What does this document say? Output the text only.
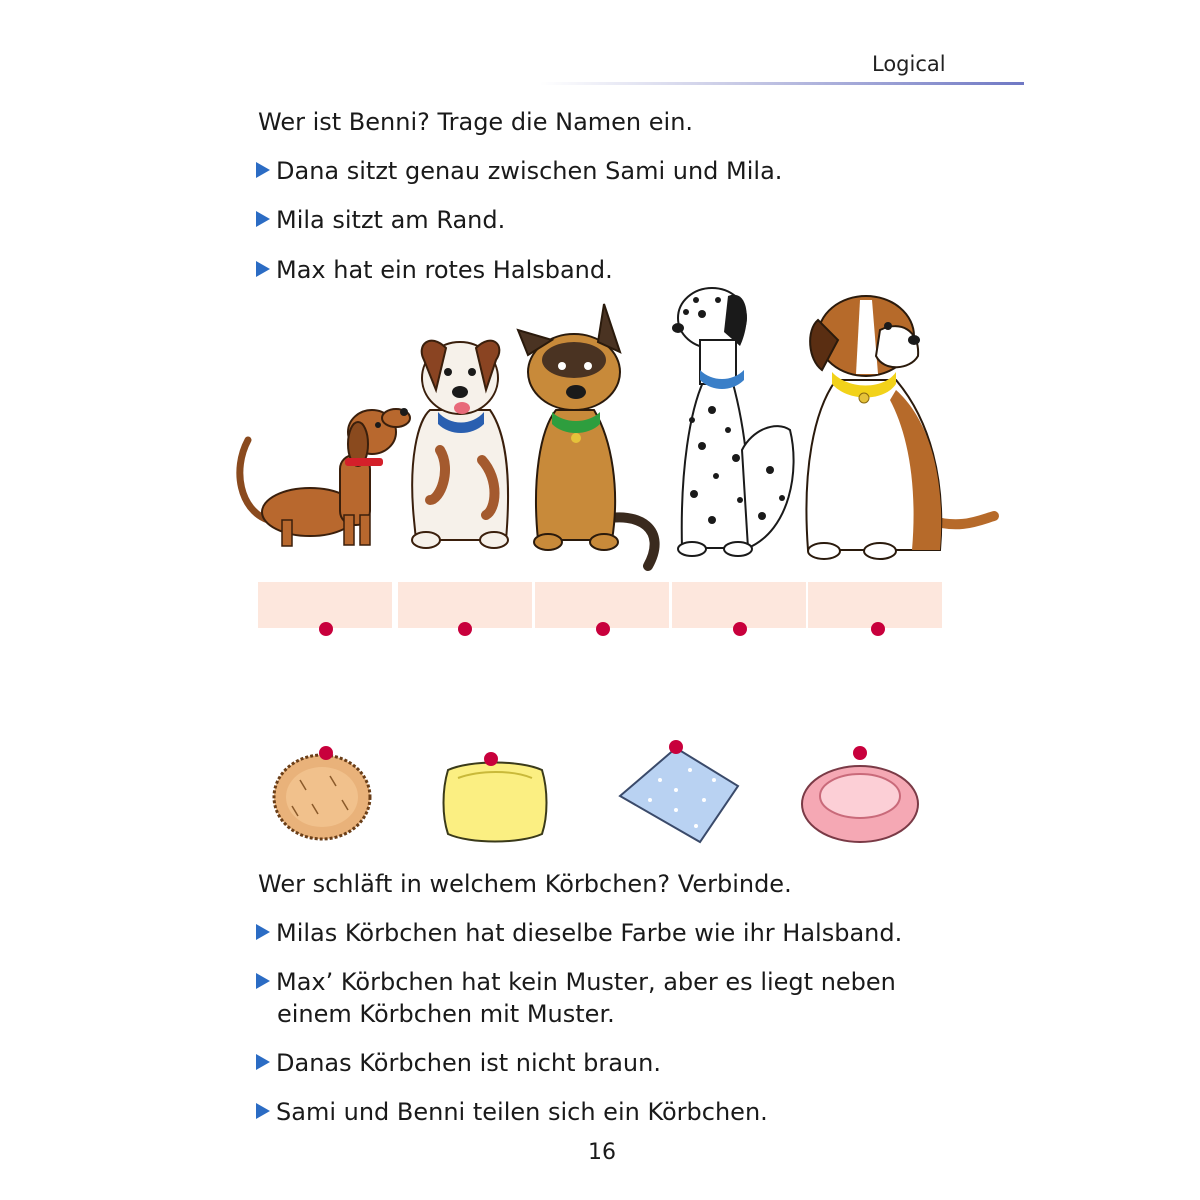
Logical
Wer ist Benni? Trage die Namen ein.
Dana sitzt genau zwischen Sami und Mila.
Mila sitzt am Rand.
Max hat ein rotes Halsband.
Wer schläft in welchem Körbchen? Verbinde.
Milas Körbchen hat dieselbe Farbe wie ihr Halsband.
Max’ Körbchen hat kein Muster, aber es liegt neben
einem Körbchen mit Muster.
Danas Körbchen ist nicht braun.
Sami und Benni teilen sich ein Körbchen.
16
